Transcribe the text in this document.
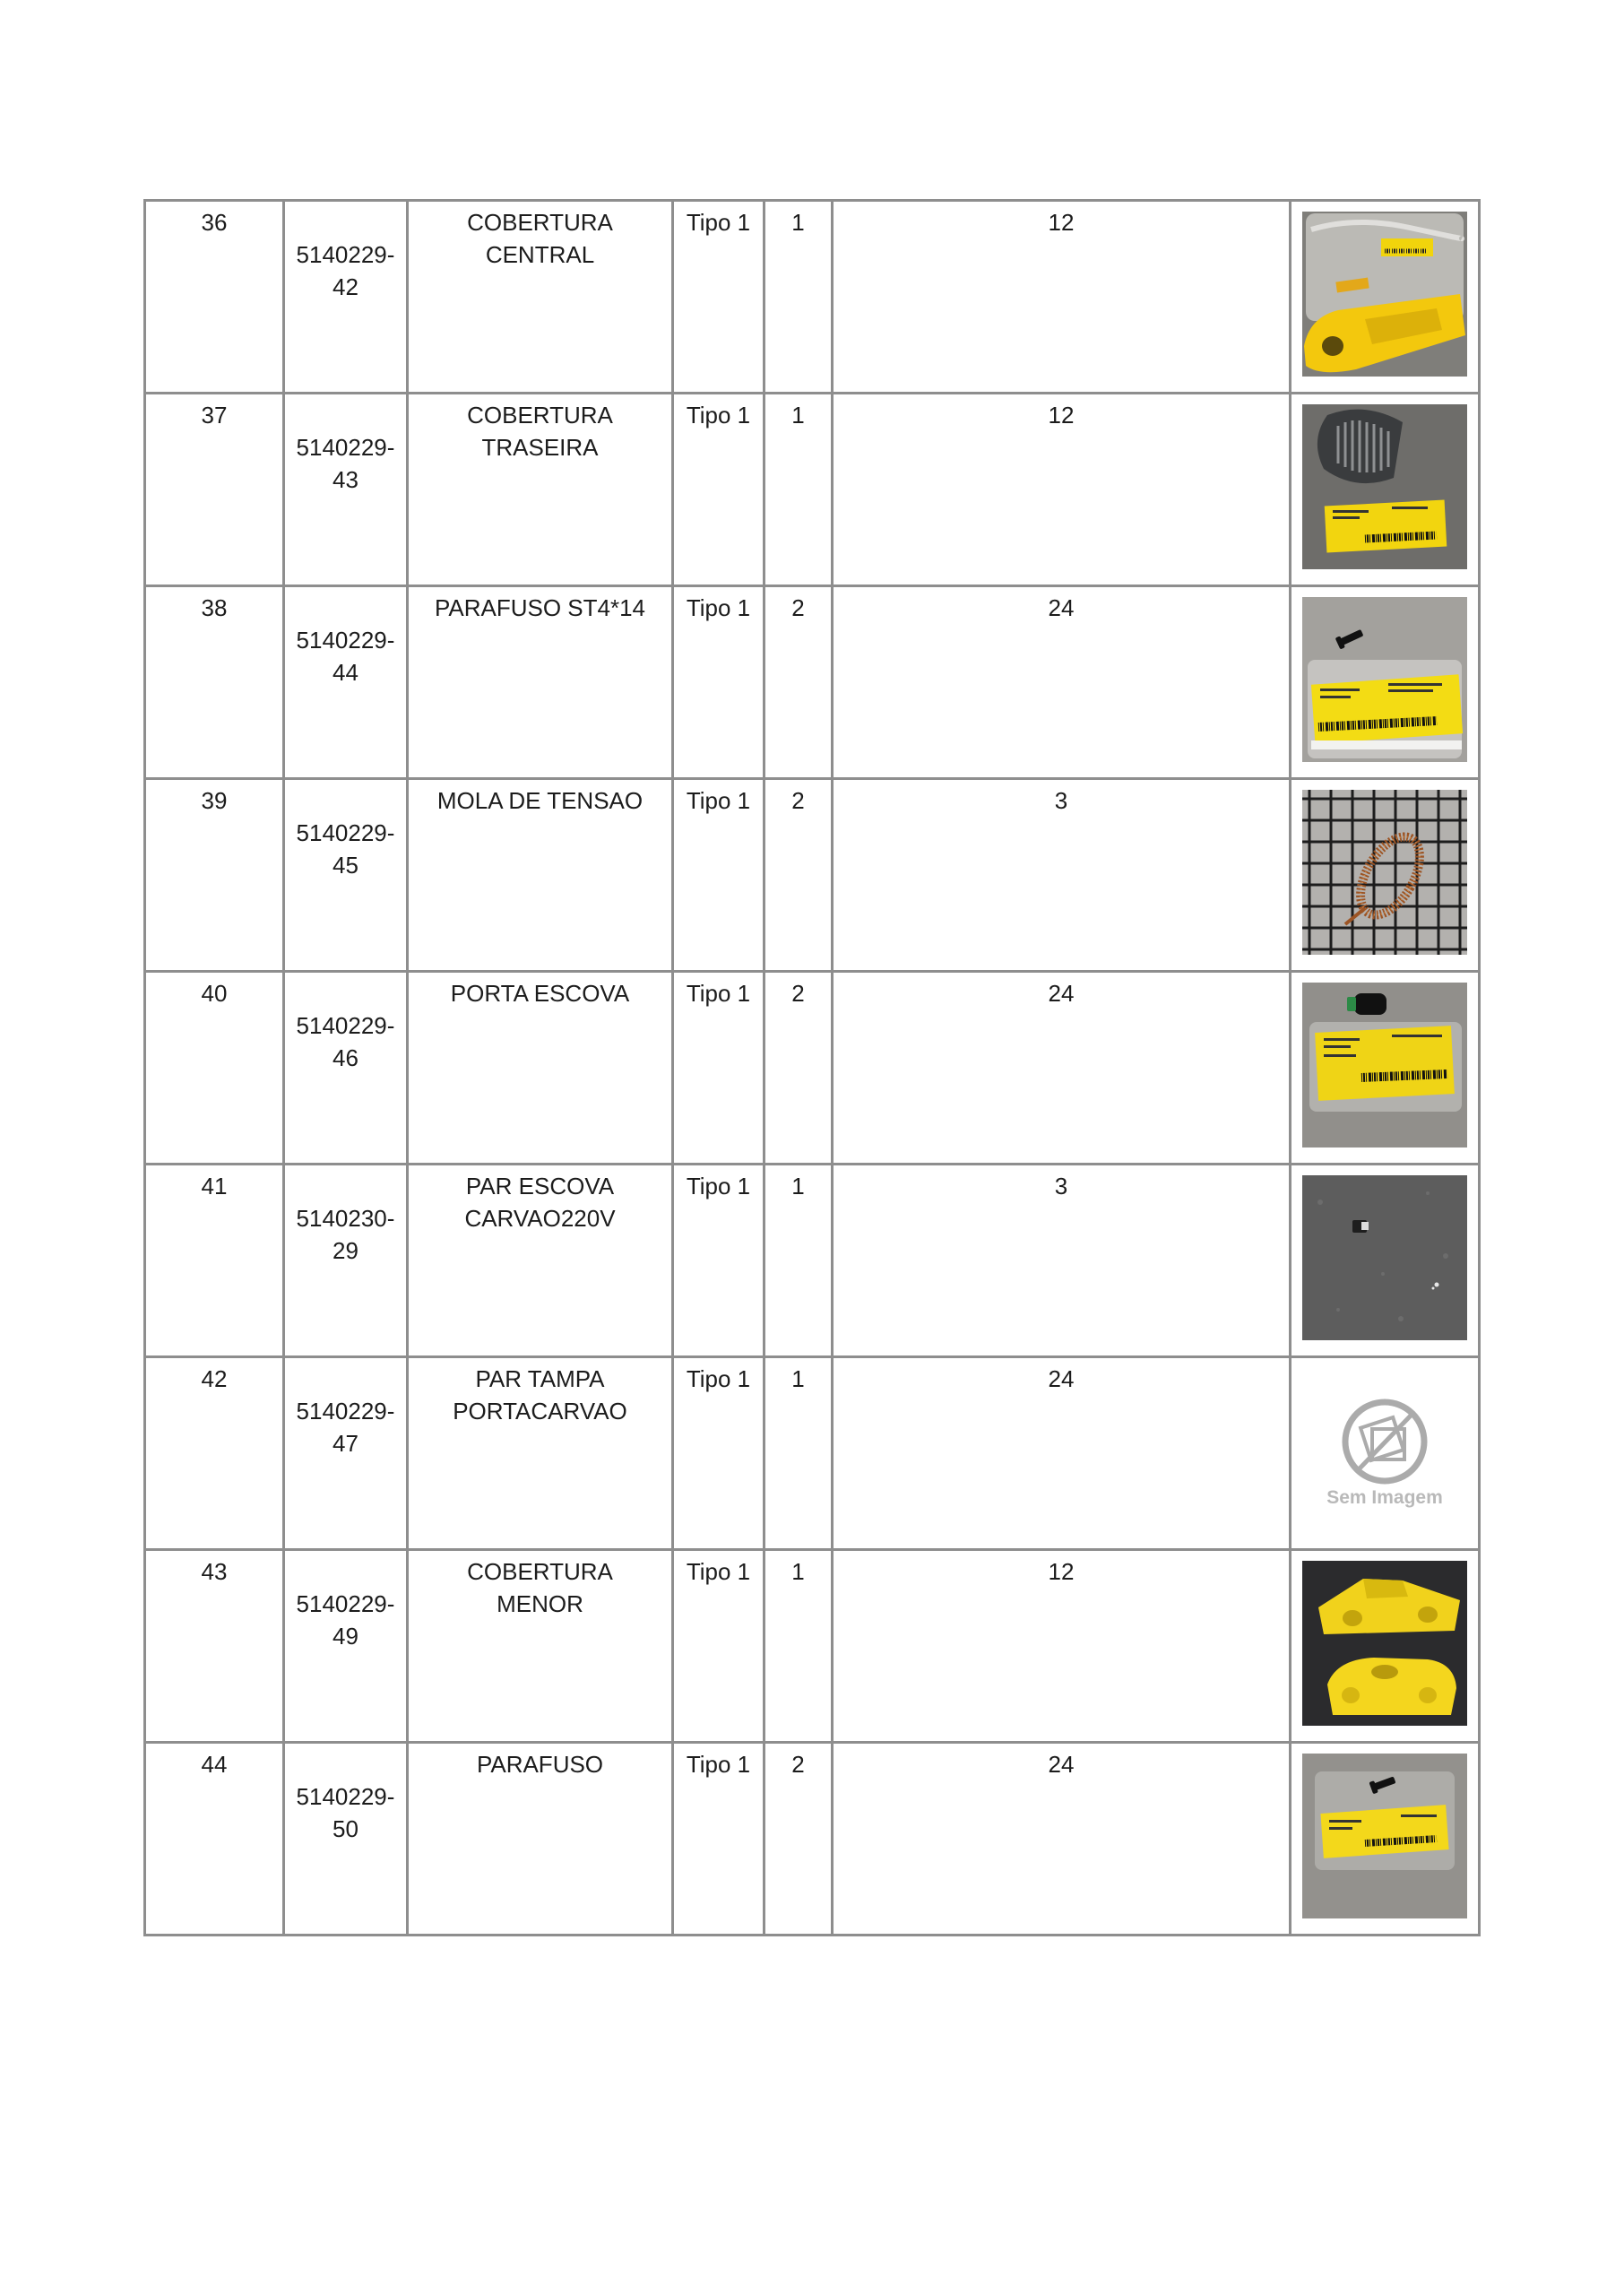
36	5140229-42	COBERTURA CENTRAL	Tipo 1	1	12	

37	5140229-43	COBERTURA TRASEIRA	Tipo 1	1	12	

38	5140229-44	PARAFUSO ST4*14	Tipo 1	2	24	

39	5140229-45	MOLA DE TENSAO	Tipo 1	2	3	

40	5140229-46	PORTA ESCOVA	Tipo 1	2	24	

41	5140230-29	PAR ESCOVA CARVAO220V	Tipo 1	1	3	

42	5140229-47	PAR TAMPA PORTACARVAO	Tipo 1	1	24	Sem Imagem

43	5140229-49	COBERTURA MENOR	Tipo 1	1	12	

44	5140229-50	PARAFUSO	Tipo 1	2	24	
